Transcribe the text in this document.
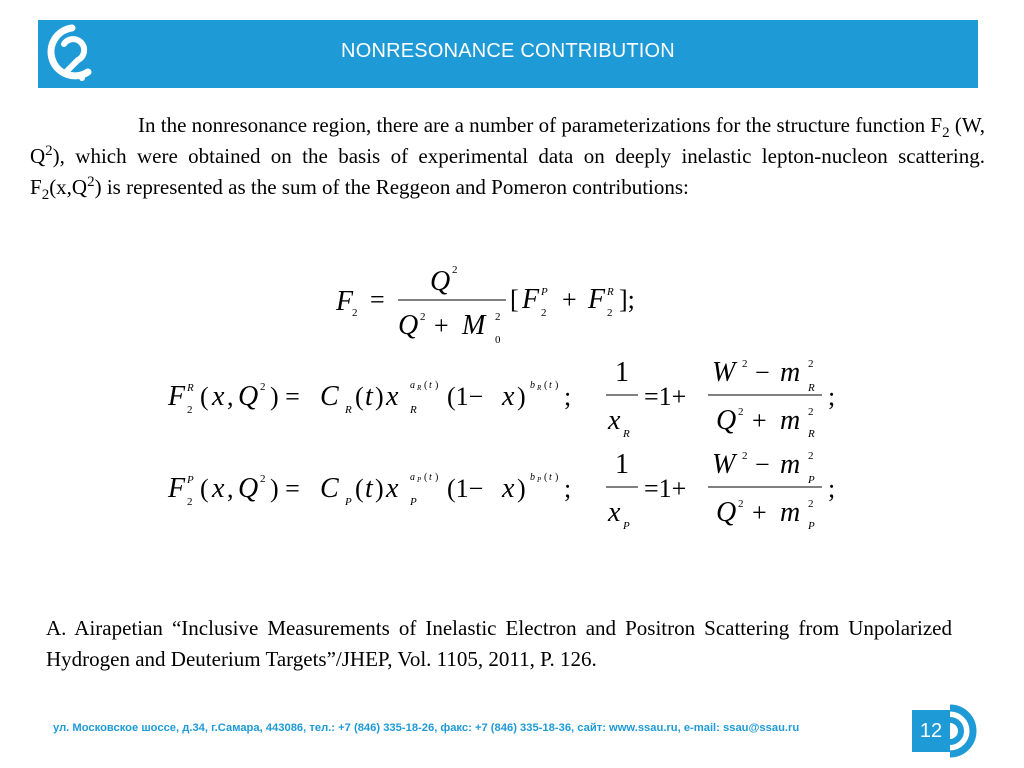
NONRESONANCE CONTRIBUTION

In the nonresonance region, there are a number of parameterizations for the structure function $F_2$ (W, $Q^2$), which were obtained on the basis of experimental data on deeply inelastic lepton-nucleon scattering. $F_2(x,Q^2)$ is represented as the sum of the Reggeon and Pomeron contributions:

F
2 =
Q 2
Q 2 + M 2
0
[ F P
2 + F R
2 ];
F R
2 ( x , Q 2 ) = C R ( t ) x a R ( t )
R (1− x ) b R ( t ) ;
1
x R
=1+
W 2 − m 2
R
Q 2 + m 2
R
;
F P
2 ( x , Q 2 ) = C P ( t ) x a P ( t )
P (1− x ) b P ( t ) ;
1
x P
=1+
W 2 − m 2
P
Q 2 + m 2
P
;

A. Airapetian “Inclusive Measurements of Inelastic Electron and Positron Scattering from Unpolarized Hydrogen and Deuterium Targets”/JHEP, Vol. 1105, 2011, P. 126.

ул. Московское шоссе, д.34, г.Самара, 443086, тел.: +7 (846) 335-18-26, факс: +7 (846) 335-18-36, сайт: www.ssau.ru, e-mail: ssau@ssau.ru	12
